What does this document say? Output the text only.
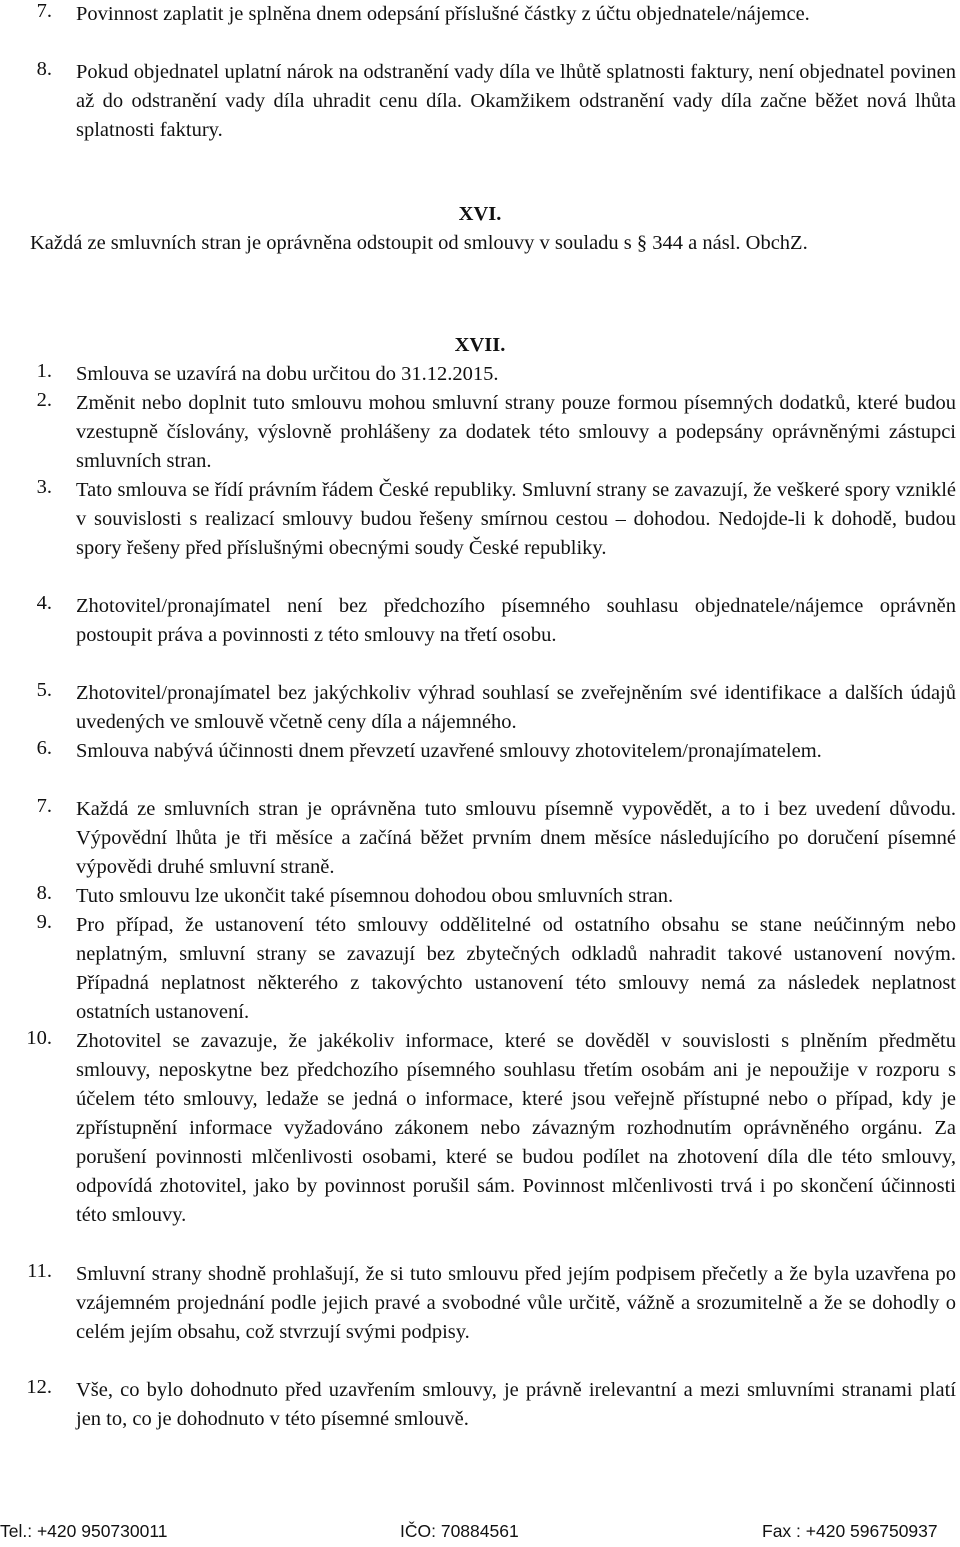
7. Povinnost zaplatit je splněna dnem odepsání příslušné částky z účtu objednatele/nájemce.
8. Pokud objednatel uplatní nárok na odstranění vady díla ve lhůtě splatnosti faktury, není objednatel povinen až do odstranění vady díla uhradit cenu díla. Okamžikem odstranění vady díla začne běžet nová lhůta splatnosti faktury.
XVI.
Každá ze smluvních stran je oprávněna odstoupit od smlouvy v souladu s § 344 a násl. ObchZ.
XVII.
1. Smlouva se uzavírá na dobu určitou do 31.12.2015.
2. Změnit nebo doplnit tuto smlouvu mohou smluvní strany pouze formou písemných dodatků, které budou vzestupně číslovány, výslovně prohlášeny za dodatek této smlouvy a podepsány oprávněnými zástupci smluvních stran.
3. Tato smlouva se řídí právním řádem České republiky. Smluvní strany se zavazují, že veškeré spory vzniklé v souvislosti s realizací smlouvy budou řešeny smírnou cestou – dohodou. Nedojde-li k dohodě, budou spory řešeny před příslušnými obecnými soudy České republiky.
4. Zhotovitel/pronajímatel není bez předchozího písemného souhlasu objednatele/nájemce oprávněn postoupit práva a povinnosti z této smlouvy na třetí osobu.
5. Zhotovitel/pronajímatel bez jakýchkoliv výhrad souhlasí se zveřejněním své identifikace a dalších údajů uvedených ve smlouvě včetně ceny díla a nájemného.
6. Smlouva nabývá účinnosti dnem převzetí uzavřené smlouvy zhotovitelem/pronajímatelem.
7. Každá ze smluvních stran je oprávněna tuto smlouvu písemně vypovědět, a to i bez uvedení důvodu. Výpovědní lhůta je tři měsíce a začíná běžet prvním dnem měsíce následujícího po doručení písemné výpovědi druhé smluvní straně.
8. Tuto smlouvu lze ukončit také písemnou dohodou obou smluvních stran.
9. Pro případ, že ustanovení této smlouvy oddělitelné od ostatního obsahu se stane neúčinným nebo neplatným, smluvní strany se zavazují bez zbytečných odkladů nahradit takové ustanovení novým. Případná neplatnost některého z takovýchto ustanovení této smlouvy nemá za následek neplatnost ostatních ustanovení.
10. Zhotovitel se zavazuje, že jakékoliv informace, které se dověděl v souvislosti s plněním předmětu smlouvy, neposkytne bez předchozího písemného souhlasu třetím osobám ani je nepoužije v rozporu s účelem této smlouvy, ledaže se jedná o informace, které jsou veřejně přístupné nebo o případ, kdy je zpřístupnění informace vyžadováno zákonem nebo závazným rozhodnutím oprávněného orgánu. Za porušení povinnosti mlčenlivosti osobami, které se budou podílet na zhotovení díla dle této smlouvy, odpovídá zhotovitel, jako by povinnost porušil sám. Povinnost mlčenlivosti trvá i po skončení účinnosti této smlouvy.
11. Smluvní strany shodně prohlašují, že si tuto smlouvu před jejím podpisem přečetly a že byla uzavřena po vzájemném projednání podle jejich pravé a svobodné vůle určitě, vážně a srozumitelně a že se dohodly o celém jejím obsahu, což stvrzují svými podpisy.
12. Vše, co bylo dohodnuto před uzavřením smlouvy, je právně irelevantní a mezi smluvními stranami platí jen to, co je dohodnuto v této písemné smlouvě.
Tel.: +420 950730011	IČO: 70884561	Fax : +420 596750937
